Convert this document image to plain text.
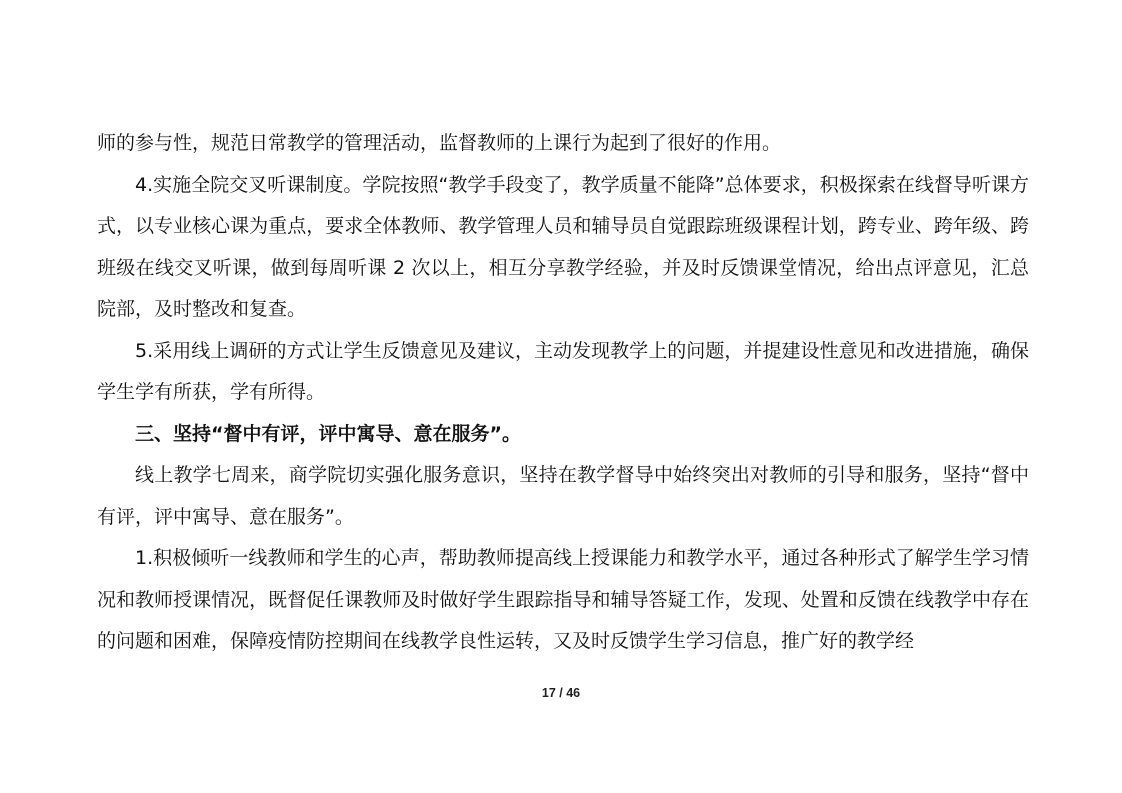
师的参与性，规范日常教学的管理活动，监督教师的上课行为起到了很好的作用。

4.实施全院交叉听课制度。学院按照“教学手段变了，教学质量不能降”总体要求，积极探索在线督导听课方式，以专业核心课为重点，要求全体教师、教学管理人员和辅导员自觉跟踪班级课程计划，跨专业、跨年级、跨班级在线交叉听课，做到每周听课 2 次以上，相互分享教学经验，并及时反馈课堂情况，给出点评意见，汇总院部，及时整改和复查。

5.采用线上调研的方式让学生反馈意见及建议，主动发现教学上的问题，并提建设性意见和改进措施，确保学生学有所获，学有所得。

三、坚持“督中有评，评中寓导、意在服务”。

线上教学七周来，商学院切实强化服务意识，坚持在教学督导中始终突出对教师的引导和服务，坚持“督中有评，评中寓导、意在服务”。

1.积极倾听一线教师和学生的心声，帮助教师提高线上授课能力和教学水平，通过各种形式了解学生学习情况和教师授课情况，既督促任课教师及时做好学生跟踪指导和辅导答疑工作，发现、处置和反馈在线教学中存在的问题和困难，保障疫情防控期间在线教学良性运转，又及时反馈学生学习信息，推广好的教学经

17 / 46
